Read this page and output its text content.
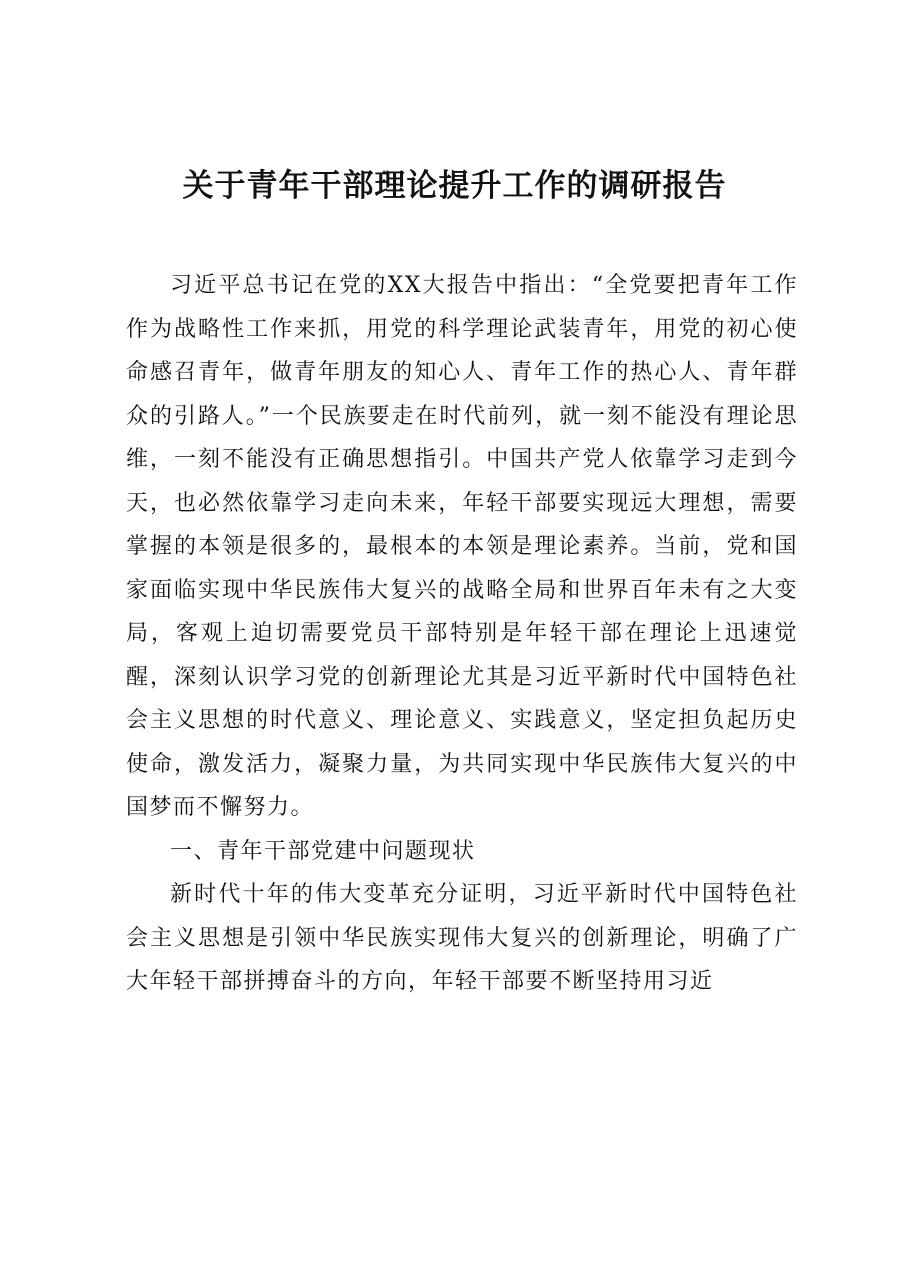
关于青年干部理论提升工作的调研报告

习近平总书记在党的XX大报告中指出：“全党要把青年工作作为战略性工作来抓，用党的科学理论武装青年，用党的初心使命感召青年，做青年朋友的知心人、青年工作的热心人、青年群众的引路人。”一个民族要走在时代前列，就一刻不能没有理论思维，一刻不能没有正确思想指引。中国共产党人依靠学习走到今天，也必然依靠学习走向未来，年轻干部要实现远大理想，需要掌握的本领是很多的，最根本的本领是理论素养。当前，党和国家面临实现中华民族伟大复兴的战略全局和世界百年未有之大变局，客观上迫切需要党员干部特别是年轻干部在理论上迅速觉醒，深刻认识学习党的创新理论尤其是习近平新时代中国特色社会主义思想的时代意义、理论意义、实践意义，坚定担负起历史使命，激发活力，凝聚力量，为共同实现中华民族伟大复兴的中国梦而不懈努力。

一、青年干部党建中问题现状

新时代十年的伟大变革充分证明，习近平新时代中国特色社会主义思想是引领中华民族实现伟大复兴的创新理论，明确了广大年轻干部拼搏奋斗的方向，年轻干部要不断坚持用习近
